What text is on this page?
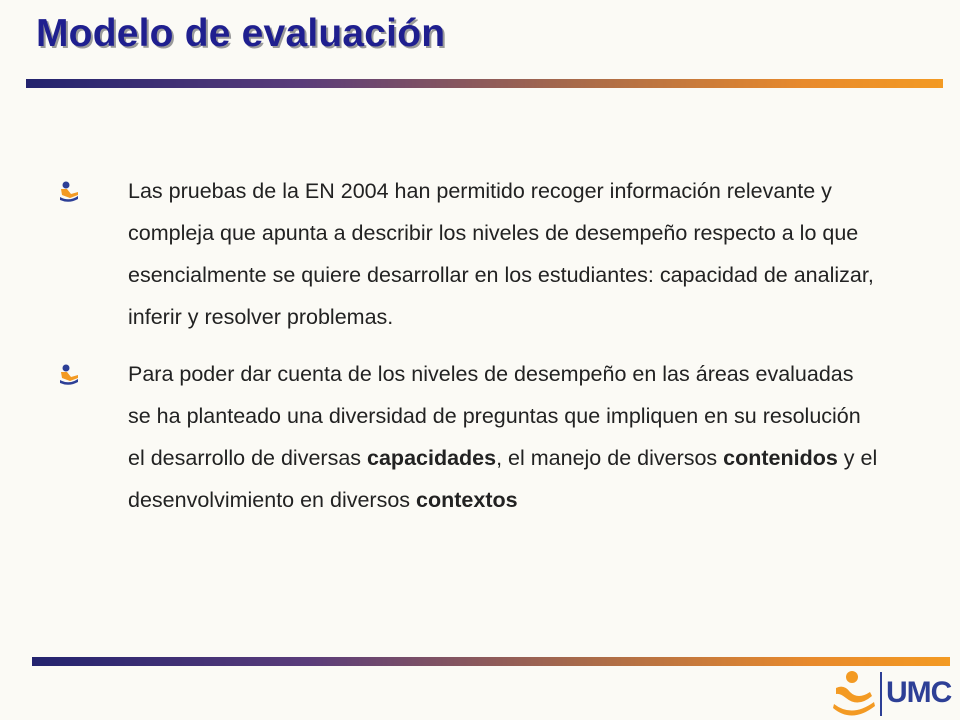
Modelo de evaluación
Las pruebas de la EN 2004 han permitido recoger información relevante y compleja que apunta a describir los niveles de desempeño respecto a lo que esencialmente se quiere desarrollar en los estudiantes: capacidad de analizar, inferir y resolver problemas.
Para poder dar cuenta de los niveles de desempeño en las áreas evaluadas se ha planteado una diversidad de preguntas que impliquen en su resolución el desarrollo de diversas capacidades, el manejo de diversos contenidos y el desenvolvimiento en diversos contextos
UMC
